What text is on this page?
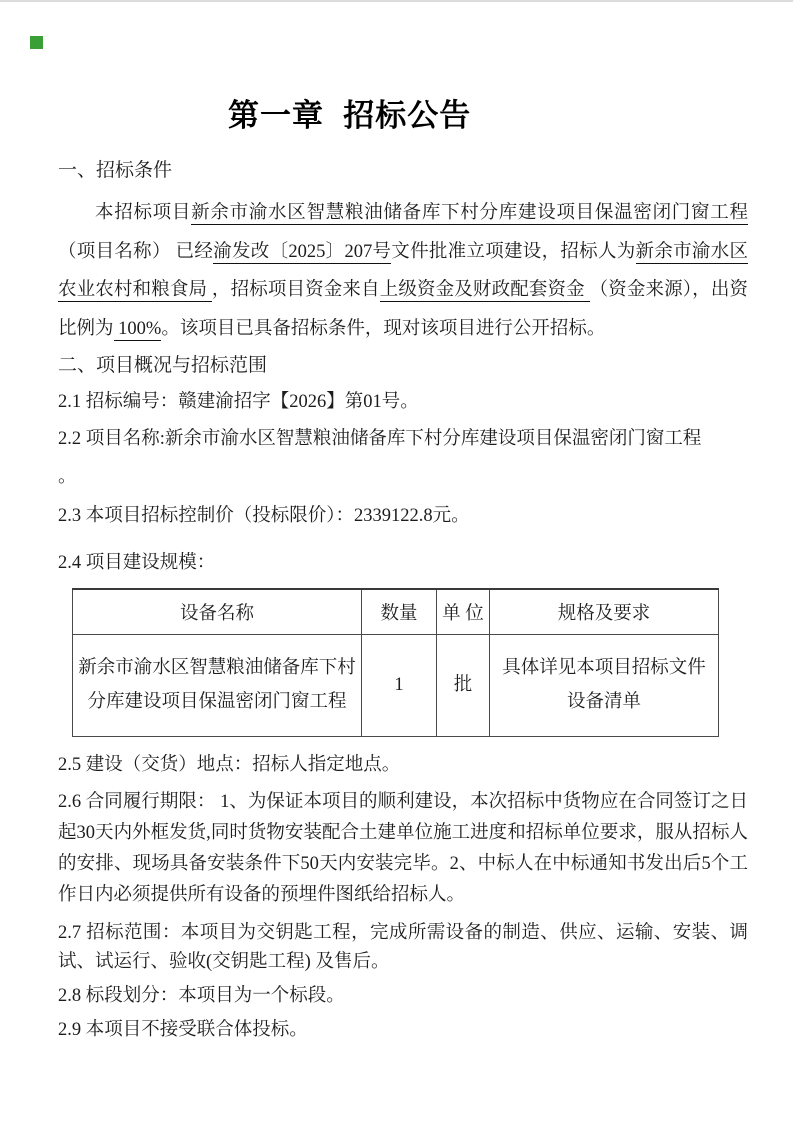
第一章  招标公告
一、招标条件
本招标项目新余市渝水区智慧粮油储备库下村分库建设项目保温密闭门窗工程（项目名称） 已经渝发改〔2025〕207号文件批准立项建设，招标人为新余市渝水区农业农村和粮食局 ，招标项目资金来自上级资金及财政配套资金 （资金来源），出资比例为 100%。该项目已具备招标条件，现对该项目进行公开招标。
二、项目概况与招标范围
2.1 招标编号：赣建渝招字【2026】第01号。
2.2 项目名称:新余市渝水区智慧粮油储备库下村分库建设项目保温密闭门窗工程
。
2.3 本项目招标控制价（投标限价）：2339122.8元。
2.4 项目建设规模：
设备名称	数量	单 位	规格及要求
新余市渝水区智慧粮油储备库下村分库建设项目保温密闭门窗工程	1	批	具体详见本项目招标文件设备清单
2.5 建设（交货）地点：招标人指定地点。
2.6 合同履行期限： 1、为保证本项目的顺利建设，本次招标中货物应在合同签订之日起30天内外框发货,同时货物安装配合土建单位施工进度和招标单位要求，服从招标人的安排、现场具备安装条件下50天内安装完毕。2、中标人在中标通知书发出后5个工作日内必须提供所有设备的预埋件图纸给招标人。
2.7 招标范围：本项目为交钥匙工程，完成所需设备的制造、供应、运输、安装、调试、试运行、验收(交钥匙工程) 及售后。
2.8 标段划分：本项目为一个标段。
2.9 本项目不接受联合体投标。
